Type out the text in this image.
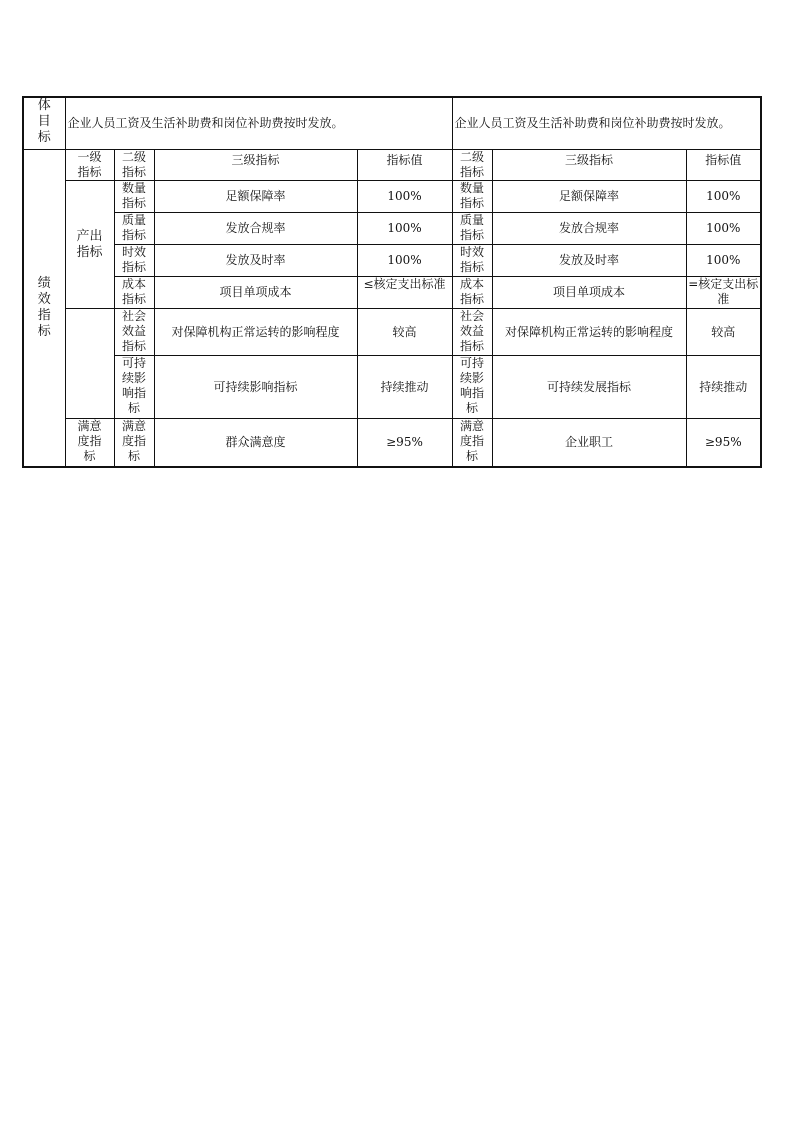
体目标	企业人员工资及生活补助费和岗位补助费按时发放。				企业人员工资及生活补助费和岗位补助费按时发放。		

绩效指标	一级指标	二级指标	三级指标	指标值	二级指标	三级指标	指标值
	产出指标	数量指标	足额保障率	100%	数量指标	足额保障率	100%

		质量指标	发放合规率	100%	质量指标	发放合规率	100%

		时效指标	发放及时率	100%	时效指标	发放及时率	100%

		成本指标	项目单项成本	≤核定支出标准	成本指标	项目单项成本	=核定支出标准

		社会效益指标	对保障机构正常运转的影响程度	较高	社会效益指标	对保障机构正常运转的影响程度	较高

		可持续影响指标	可持续影响指标	持续推动	可持续影响指标	可持续发展指标	持续推动

	满意度指标	满意度指标	群众满意度	≥95%	满意度指标	企业职工	≥95%
